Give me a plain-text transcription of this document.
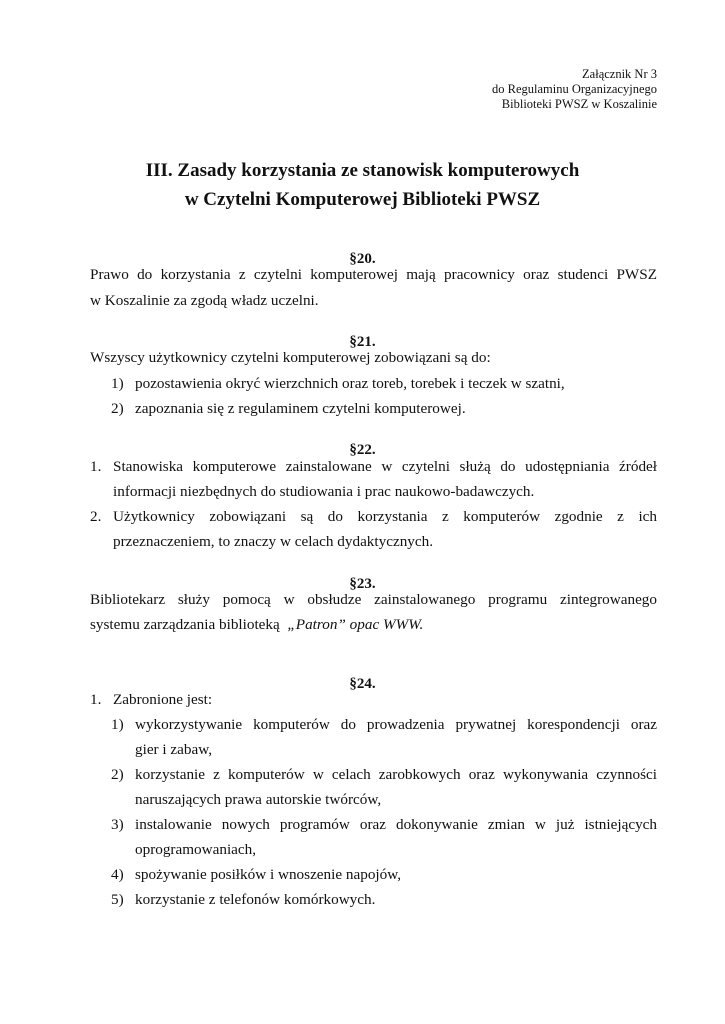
Załącznik Nr 3
do Regulaminu Organizacyjnego
Biblioteki PWSZ w Koszalinie
III. Zasady korzystania ze stanowisk komputerowych
w Czytelni Komputerowej Biblioteki PWSZ
§20.
Prawo do korzystania z czytelni komputerowej mają pracownicy oraz studenci PWSZ
w Koszalinie za zgodą władz uczelni.
§21.
Wszyscy użytkownicy czytelni komputerowej zobowiązani są do:
1) pozostawienia okryć wierzchnich oraz toreb, torebek i teczek w szatni,
2) zapoznania się z regulaminem czytelni komputerowej.
§22.
1. Stanowiska komputerowe zainstalowane w czytelni służą do udostępniania źródeł
informacji niezbędnych do studiowania i prac naukowo-badawczych.
2. Użytkownicy zobowiązani są do korzystania z komputerów zgodnie z ich
przeznaczeniem, to znaczy w celach dydaktycznych.
§23.
Bibliotekarz służy pomocą w obsłudze zainstalowanego programu zintegrowanego
systemu zarządzania biblioteką „Patron” opac WWW.
§24.
1. Zabronione jest:
1) wykorzystywanie komputerów do prowadzenia prywatnej korespondencji oraz
gier i zabaw,
2) korzystanie z komputerów w celach zarobkowych oraz wykonywania czynności
naruszających prawa autorskie twórców,
3) instalowanie nowych programów oraz dokonywanie zmian w już istniejących
oprogramowaniach,
4) spożywanie posiłków i wnoszenie napojów,
5) korzystanie z telefonów komórkowych.
